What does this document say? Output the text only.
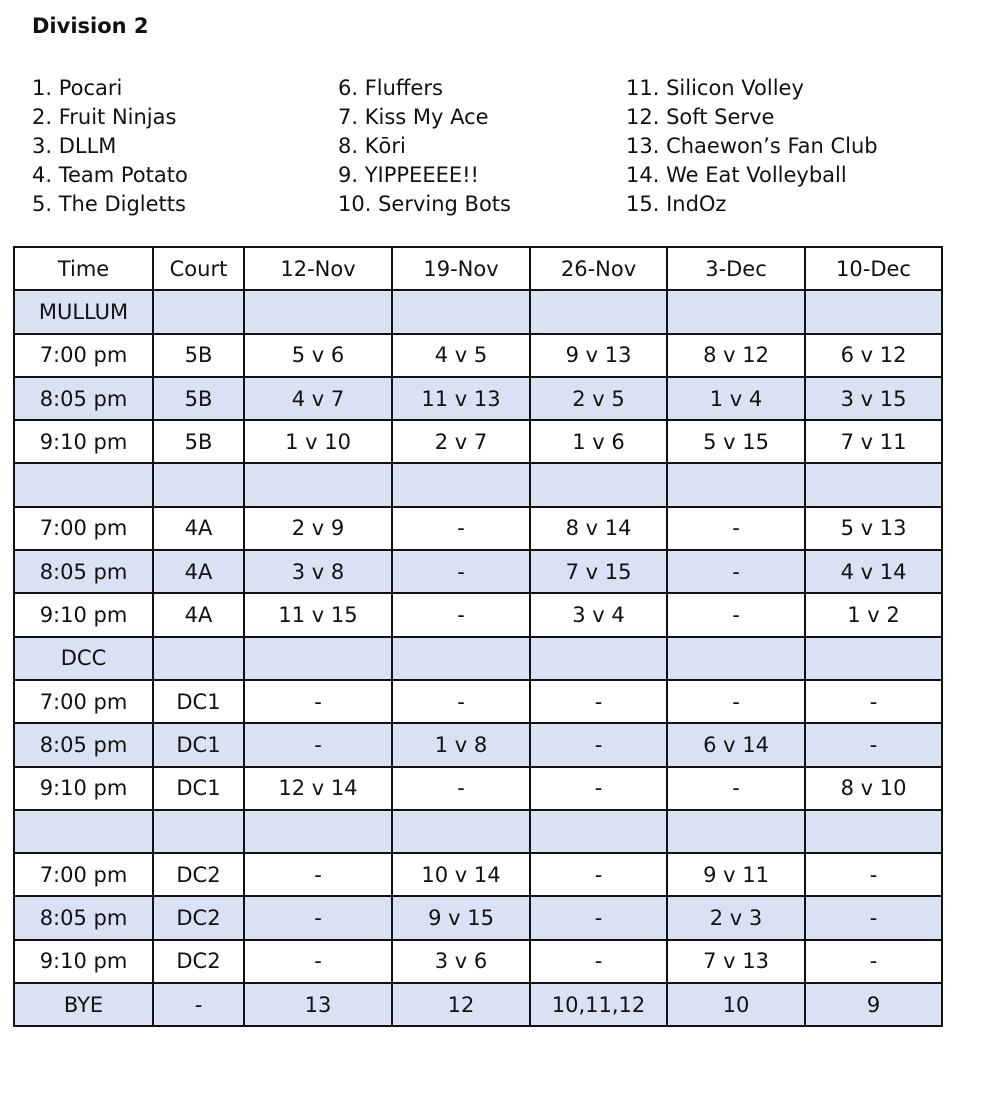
Division 2
1. Pocari
2. Fruit Ninjas
3. DLLM
4. Team Potato
5. The Digletts
6. Fluffers
7. Kiss My Ace
8. Kōri
9. YIPPEEEE!!
10. Serving Bots
11. Silicon Volley
12. Soft Serve
13. Chaewon’s Fan Club
14. We Eat Volleyball
15. IndOz
Time	Court	12-Nov	19-Nov	26-Nov	3-Dec	10-Dec
MULLUM						
7:00 pm	5B	5 v 6	4 v 5	9 v 13	8 v 12	6 v 12
8:05 pm	5B	4 v 7	11 v 13	2 v 5	1 v 4	3 v 15
9:10 pm	5B	1 v 10	2 v 7	1 v 6	5 v 15	7 v 11

7:00 pm	4A	2 v 9	-	8 v 14	-	5 v 13
8:05 pm	4A	3 v 8	-	7 v 15	-	4 v 14
9:10 pm	4A	11 v 15	-	3 v 4	-	1 v 2
DCC						
7:00 pm	DC1	-	-	-	-	-
8:05 pm	DC1	-	1 v 8	-	6 v 14	-
9:10 pm	DC1	12 v 14	-	-	-	8 v 10

7:00 pm	DC2	-	10 v 14	-	9 v 11	-
8:05 pm	DC2	-	9 v 15	-	2 v 3	-
9:10 pm	DC2	-	3 v 6	-	7 v 13	-
BYE	-	13	12	10,11,12	10	9
